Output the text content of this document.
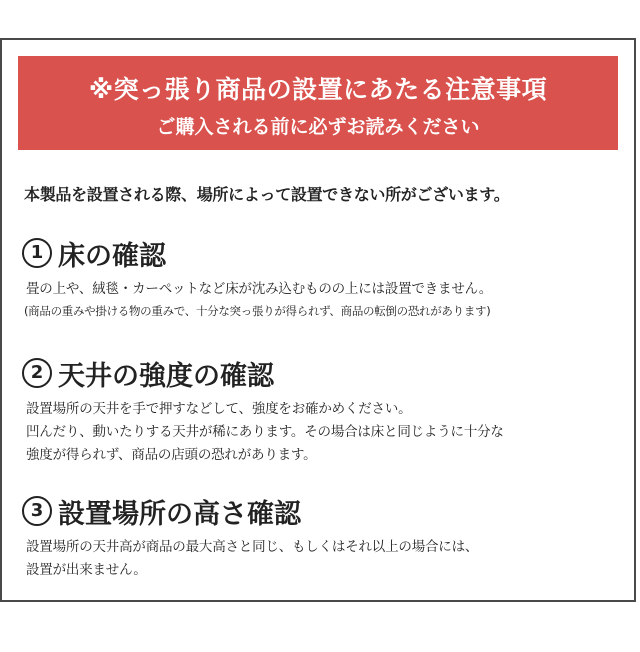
※突っ張り商品の設置にあたる注意事項
ご購入される前に必ずお読みください
本製品を設置される際、場所によって設置できない所がございます。
1 床の確認
畳の上や、絨毯・カーペットなど床が沈み込むものの上には設置できません。
(商品の重みや掛ける物の重みで、十分な突っ張りが得られず、商品の転倒の恐れがあります)
2 天井の強度の確認
設置場所の天井を手で押すなどして、強度をお確かめください。
凹んだり、動いたりする天井が稀にあります。その場合は床と同じように十分な
強度が得られず、商品の店頭の恐れがあります。
3 設置場所の高さ確認
設置場所の天井高が商品の最大高さと同じ、もしくはそれ以上の場合には、
設置が出来ません。
